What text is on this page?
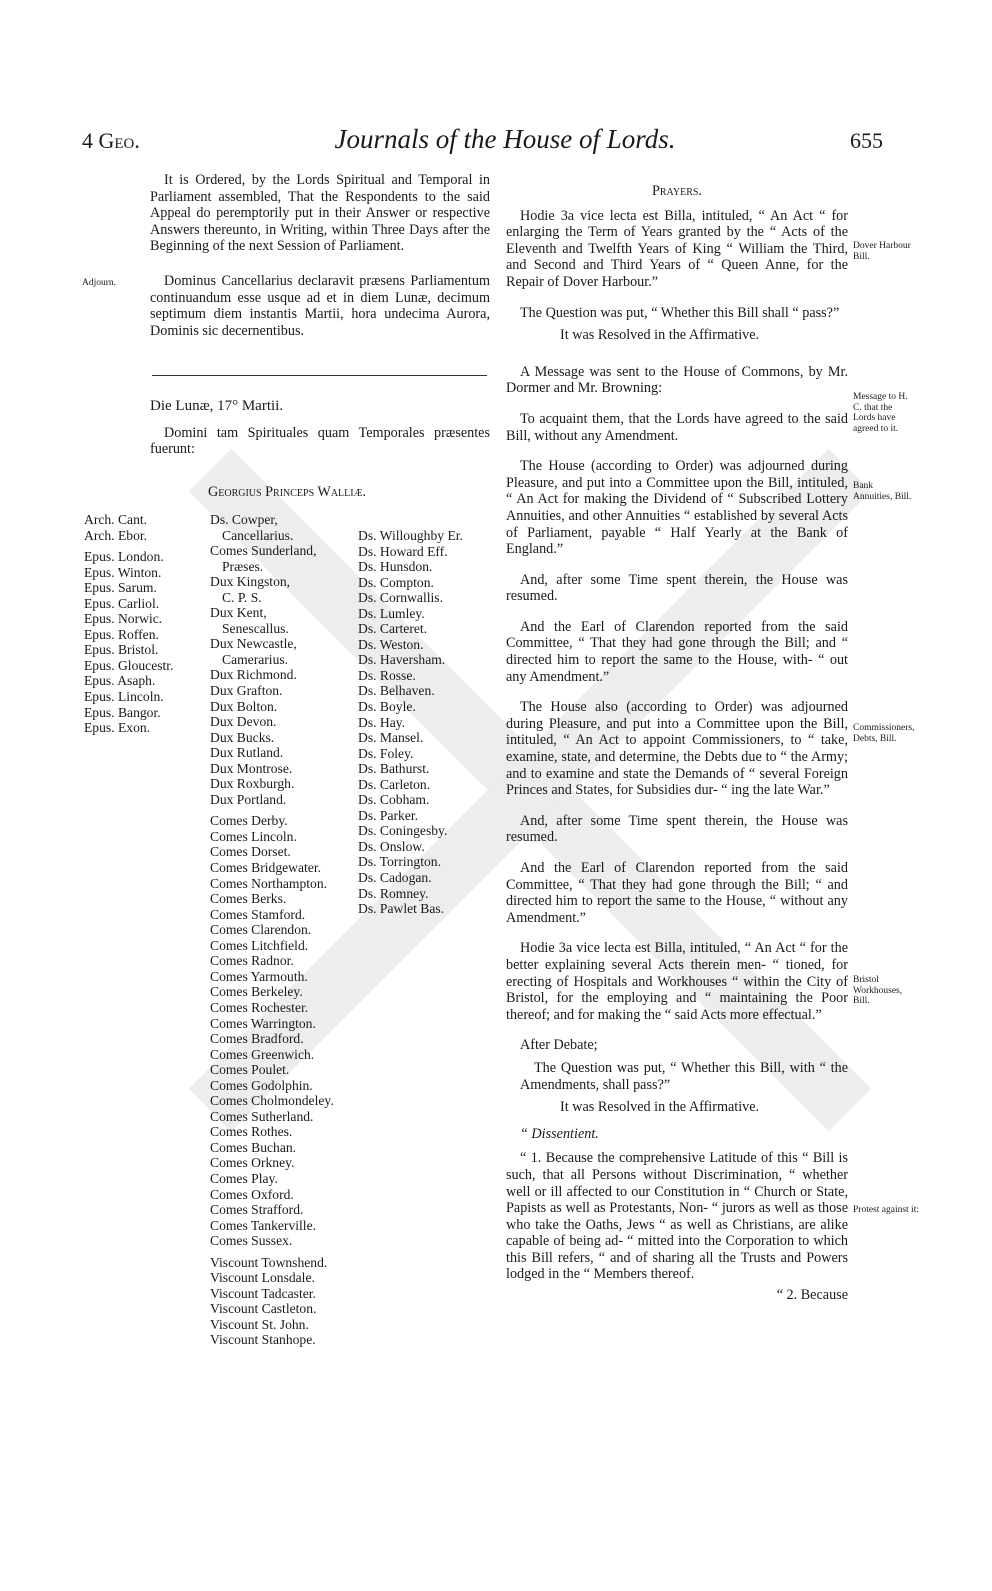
4 Geo.	Journals of the House of Lords.	655

It is Ordered, by the Lords Spiritual and Temporal in Parliament assembled, That the Respondents to the said Appeal do peremptorily put in their Answer or respective Answers thereunto, in Writing, within Three Days after the Beginning of the next Session of Parliament.

Dominus Cancellarius declaravit præsens Parliamentum continuandum esse usque ad et in diem Lunæ, decimum septimum diem instantis Martii, hora undecima Aurora, Dominis sic decernentibus.

Adjourn.
Die Lunæ, 17° Martii.

Domini tam Spirituales quam Temporales præsentes fuerunt:

Georgius Princeps Walliæ.
Arch. Cant.
Arch. Ebor.
Epus. London.
Epus. Winton.
Epus. Sarum.
Epus. Carliol.
Epus. Norwic.
Epus. Roffen.
Epus. Bristol.
Epus. Gloucestr.
Epus. Asaph.
Epus. Lincoln.
Epus. Bangor.
Epus. Exon.
Ds. Cowper,
Cancellarius.
Comes Sunderland,
Præses.
Dux Kingston,
C. P. S.
Dux Kent,
Senescallus.
Dux Newcastle,
Camerarius.
Dux Richmond.
Dux Grafton.
Dux Bolton.
Dux Devon.
Dux Bucks.
Dux Rutland.
Dux Montrose.
Dux Roxburgh.
Dux Portland.
Comes Derby.
Comes Lincoln.
Comes Dorset.
Comes Bridgewater.
Comes Northampton.
Comes Berks.
Comes Stamford.
Comes Clarendon.
Comes Litchfield.
Comes Radnor.
Comes Yarmouth.
Comes Berkeley.
Comes Rochester.
Comes Warrington.
Comes Bradford.
Comes Greenwich.
Comes Poulet.
Comes Godolphin.
Comes Cholmondeley.
Comes Sutherland.
Comes Rothes.
Comes Buchan.
Comes Orkney.
Comes Play.
Comes Oxford.
Comes Strafford.
Comes Tankerville.
Comes Sussex.
Viscount Townshend.
Viscount Lonsdale.
Viscount Tadcaster.
Viscount Castleton.
Viscount St. John.
Viscount Stanhope.
Ds. Willoughby Er.
Ds. Howard Eff.
Ds. Hunsdon.
Ds. Compton.
Ds. Cornwallis.
Ds. Lumley.
Ds. Carteret.
Ds. Weston.
Ds. Haversham.
Ds. Rosse.
Ds. Belhaven.
Ds. Boyle.
Ds. Hay.
Ds. Mansel.
Ds. Foley.
Ds. Bathurst.
Ds. Carleton.
Ds. Cobham.
Ds. Parker.
Ds. Coningesby.
Ds. Onslow.
Ds. Torrington.
Ds. Cadogan.
Ds. Romney.
Ds. Pawlet Bas.

Prayers.

Hodie 3a vice lecta est Billa, intituled, “ An Act “ for enlarging the Term of Years granted by the “ Acts of the Eleventh and Twelfth Years of King “ William the Third, and Second and Third Years of “ Queen Anne, for the Repair of Dover Harbour.”

The Question was put, “ Whether this Bill shall “ pass?”

It was Resolved in the Affirmative.

A Message was sent to the House of Commons, by Mr. Dormer and Mr. Browning:

To acquaint them, that the Lords have agreed to the said Bill, without any Amendment.

The House (according to Order) was adjourned during Pleasure, and put into a Committee upon the Bill, intituled, “ An Act for making the Dividend of “ Subscribed Lottery Annuities, and other Annuities “ established by several Acts of Parliament, payable “ Half Yearly at the Bank of England.”

And, after some Time spent therein, the House was resumed.

And the Earl of Clarendon reported from the said Committee, “ That they had gone through the Bill; and “ directed him to report the same to the House, with- “ out any Amendment.”

The House also (according to Order) was adjourned during Pleasure, and put into a Committee upon the Bill, intituled, “ An Act to appoint Commissioners, to “ take, examine, state, and determine, the Debts due to “ the Army; and to examine and state the Demands of “ several Foreign Princes and States, for Subsidies dur- “ ing the late War.”

And, after some Time spent therein, the House was resumed.

And the Earl of Clarendon reported from the said Committee, “ That they had gone through the Bill; “ and directed him to report the same to the House, “ without any Amendment.”

Hodie 3a vice lecta est Billa, intituled, “ An Act “ for the better explaining several Acts therein men- “ tioned, for erecting of Hospitals and Workhouses “ within the City of Bristol, for the employing and “ maintaining the Poor thereof; and for making the “ said Acts more effectual.”

After Debate;

The Question was put, “ Whether this Bill, with “ the Amendments, shall pass?”

It was Resolved in the Affirmative.

“ Dissentient.

“ 1. Because the comprehensive Latitude of this “ Bill is such, that all Persons without Discrimination, “ whether well or ill affected to our Constitution in “ Church or State, Papists as well as Protestants, Non- “ jurors as well as those who take the Oaths, Jews “ as well as Christians, are alike capable of being ad- “ mitted into the Corporation to which this Bill refers, “ and of sharing all the Trusts and Powers lodged in the “ Members thereof.

“ 2. Because

Dover Harbour Bill.
Message to H. C. that the Lords have agreed to it.
Bank Annuities, Bill.
Commissioners, Debts, Bill.
Bristol Workhouses, Bill.
Protest against it:
